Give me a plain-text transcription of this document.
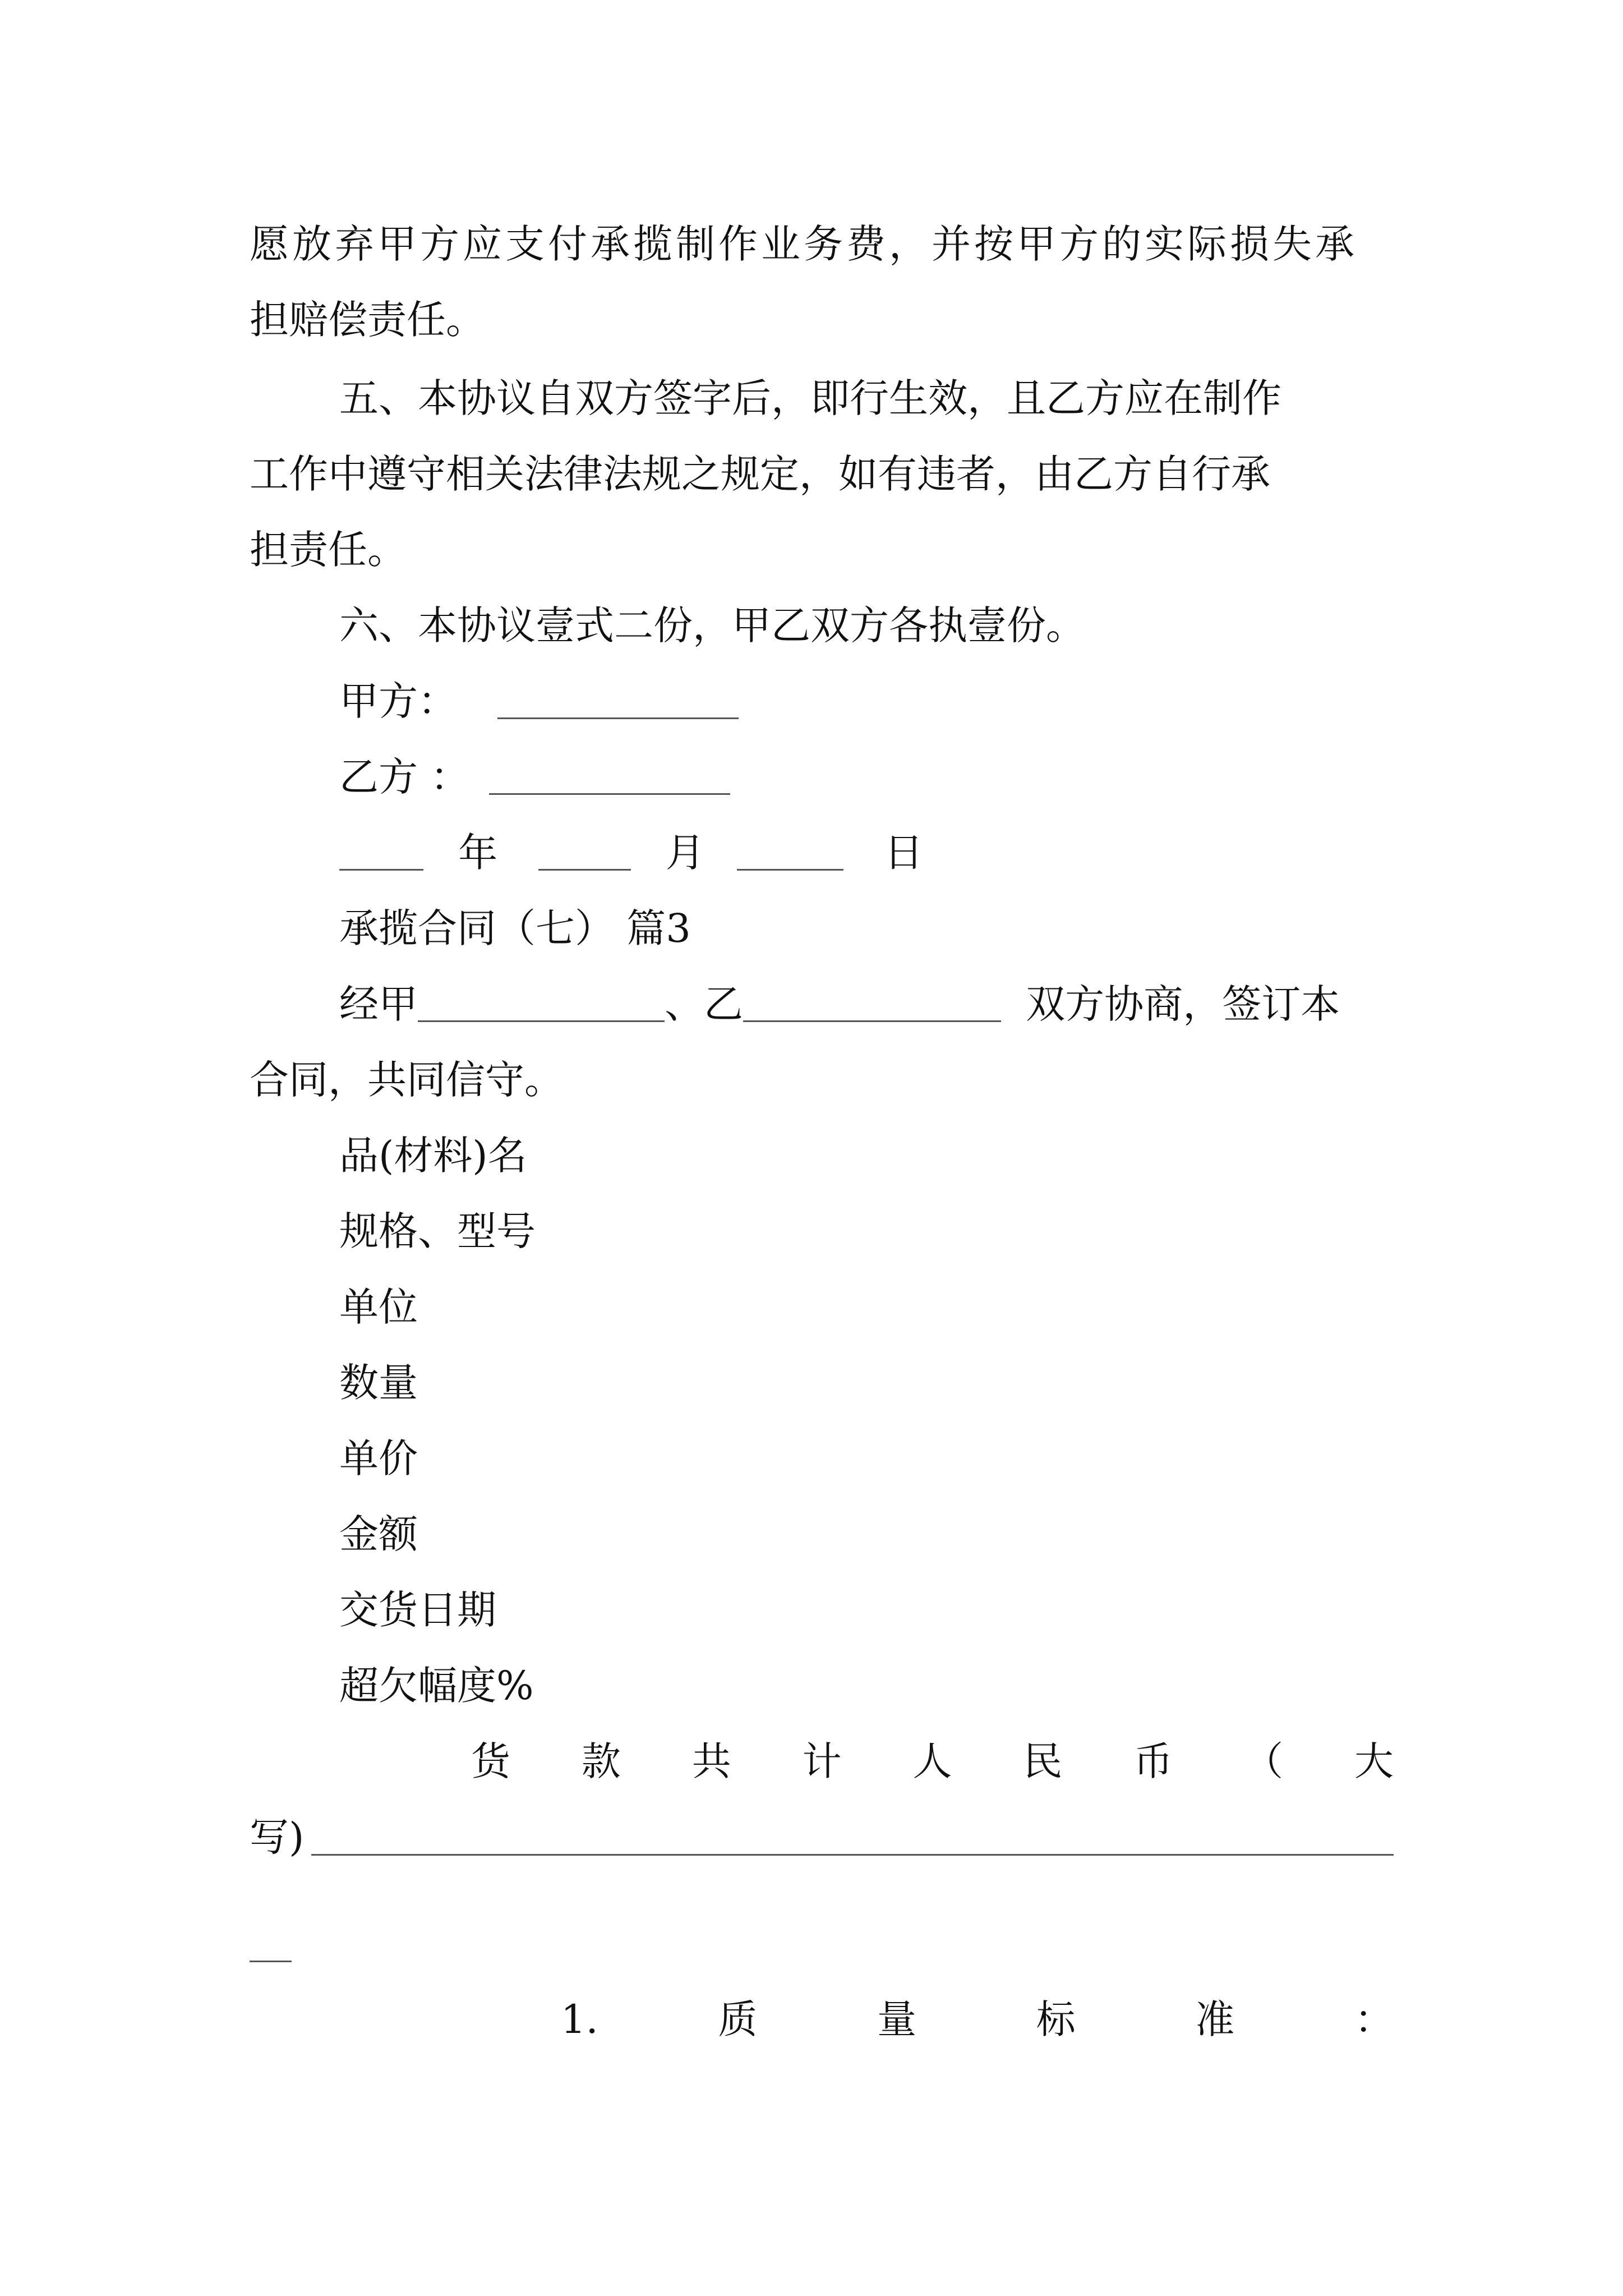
愿放弃甲方应支付承揽制作业务费，并按甲方的实际损失承
担赔偿责任。
五、本协议自双方签字后，即行生效，且乙方应在制作
工作中遵守相关法律法规之规定，如有违者，由乙方自行承
担责任。
六、本协议壹式二份，甲乙双方各执壹份。
甲方：
乙方 ：
年	月	日
承揽合同（七） 篇3
经甲	、乙	双方协商，签订本
合同，共同信守。
品(材料)名
规格、型号
单位
数量
单价
金额
交货日期
超欠幅度%
货 款 共 计 人 民 币 （ 大
写)
1.	质	量	标	准	：
